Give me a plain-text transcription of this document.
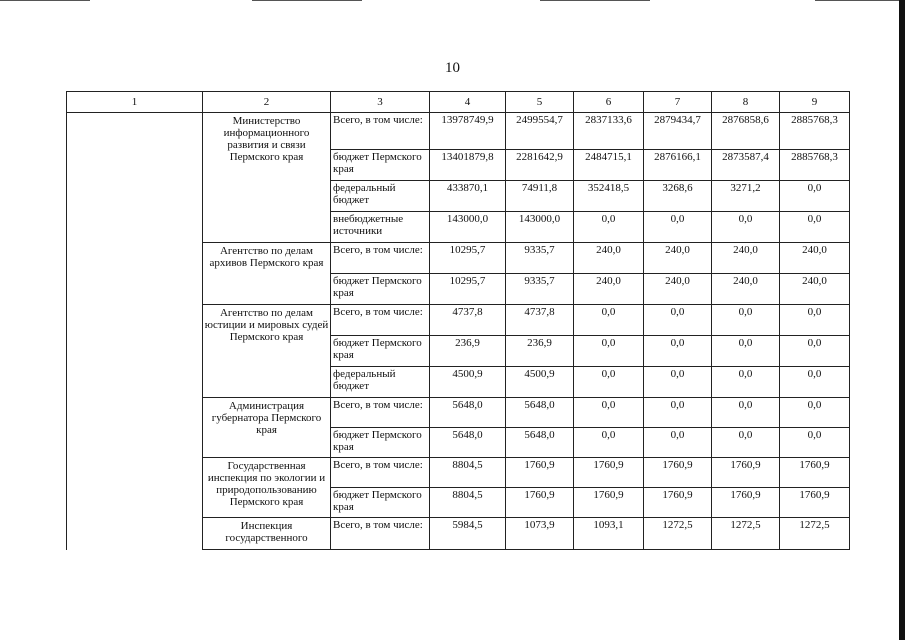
10
1	2	3	4	5	6	7	8	9
	Министерство информационного развития и связи Пермского края	Всего, в том числе:	13978749,9	2499554,7	2837133,6	2879434,7	2876858,6	2885768,3
		бюджет Пермского края	13401879,8	2281642,9	2484715,1	2876166,1	2873587,4	2885768,3
		федеральный бюджет	433870,1	74911,8	352418,5	3268,6	3271,2	0,0
		внебюджетные источники	143000,0	143000,0	0,0	0,0	0,0	0,0
	Агентство по делам архивов Пермского края	Всего, в том числе:	10295,7	9335,7	240,0	240,0	240,0	240,0
		бюджет Пермского края	10295,7	9335,7	240,0	240,0	240,0	240,0
	Агентство по делам юстиции и мировых судей Пермского края	Всего, в том числе:	4737,8	4737,8	0,0	0,0	0,0	0,0
		бюджет Пермского края	236,9	236,9	0,0	0,0	0,0	0,0
		федеральный бюджет	4500,9	4500,9	0,0	0,0	0,0	0,0
	Администрация губернатора Пермского края	Всего, в том числе:	5648,0	5648,0	0,0	0,0	0,0	0,0
		бюджет Пермского края	5648,0	5648,0	0,0	0,0	0,0	0,0
	Государственная инспекция по экологии и природопользованию Пермского края	Всего, в том числе:	8804,5	1760,9	1760,9	1760,9	1760,9	1760,9
		бюджет Пермского края	8804,5	1760,9	1760,9	1760,9	1760,9	1760,9
	Инспекция государственного	Всего, в том числе:	5984,5	1073,9	1093,1	1272,5	1272,5	1272,5
